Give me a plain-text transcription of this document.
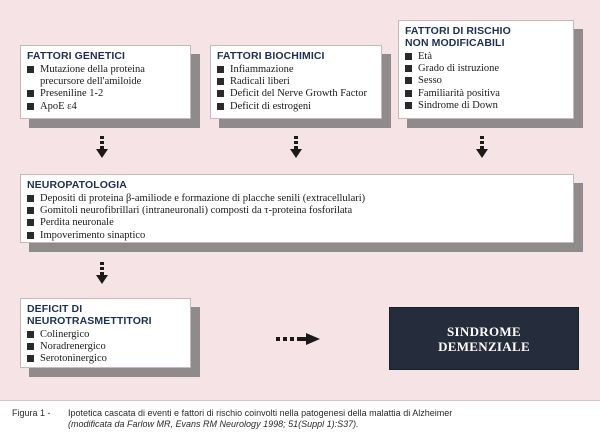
FATTORI GENETICI
Mutazione della proteina
precursore dell'amiloide
Preseniline 1-2
ApoE ε4
FATTORI BIOCHIMICI
Infiammazione
Radicali liberi
Deficit del Nerve Growth Factor
Deficit di estrogeni
FATTORI DI RISCHIO
NON MODIFICABILI
Età
Grado di istruzione
Sesso
Familiarità positiva
Sindrome di Down
NEUROPATOLOGIA
Depositi di proteina β-amiliode e formazione di placche senili (extracellulari)
Gomitoli neurofibrillari (intraneuronali) composti da τ-proteina fosforilata
Perdita neuronale
Impoverimento sinaptico
DEFICIT DI
NEUROTRASMETTITORI
Colinergico
Noradrenergico
Serotoninergico
SINDROME
DEMENZIALE
Figura 1 - Ipotetica cascata di eventi e fattori di rischio coinvolti nella patogenesi della malattia di Alzheimer
(modificata da Farlow MR, Evans RM Neurology 1998; 51(Suppl 1):S37).
